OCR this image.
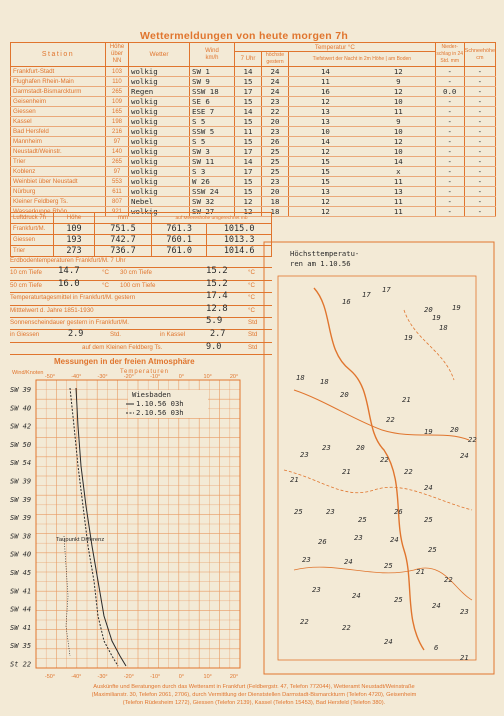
Wettermeldungen von heute morgen 7h
Station	Höhe
über NN	Wetter	Wind
km/h	Temperatur °C			Nieder-schlag in 24 Std. mm	Schneehöhe cm
				7 Uhr	höchste gestern	Tiefstwert der Nacht in 2m Höhe | am Boden		
Frankfurt-Stadt	103	wolkig	SW 1	14	24	14 12	-	-
Flughafen Rhein-Main	110	wolkig	SW 9	15	24	11 9	-	-
Darmstadt-Bismarckturm	265	Regen	SSW 18	17	24	16 12	0.0	-
Geisenheim	109	wolkig	SE 6	15	23	12 10	-	-
Giessen	165	wolkig	ESE 7	14	22	13 11	-	-
Kassel	198	wolkig	S 5	15	20	13 9	-	-
Bad Hersfeld	216	wolkig	SSW 5	11	23	10 10	-	-
Mannheim	97	wolkig	S 5	15	26	14 12	-	-
Neustadt/Weinstr.	140	wolkig	SW 3	17	25	12 10	-	-
Trier	265	wolkig	SW 11	14	25	15 14	-	-
Koblenz	97	wolkig	S 3	17	25	15 x	-	-
Weinbiet über Neustadt	553	wolkig	W 26	15	23	15 11	-	-
Nürburg	611	wolkig	SSW 24	15	20	13 13	-	-
Kleiner Feldberg Ts.	807	Nebel	SW 32	12	18	12 11	-	-
Wasserkuppe Rhön	921	wolkig	SW 27	12	18	12 11	-	-
Luftdruck 7h	Höhe	mm	auf Meereshöhe umgerechnet mb	
Frankfurt/M.	109	751.5	761.3	1015.0
Giessen	193	742.7	760.1	1013.3
Trier	273	736.7	761.0	1014.6
Erdbodentemperaturen Frankfurt/M. 7 Uhr
10 cm Tiefe 14.7	°C 30 cm Tiefe	15.2	°C
50 cm Tiefe 16.0	°C 100 cm Tiefe	15.2	°C
Temperaturtagesmittel in Frankfurt/M. gestern	17.4	°C
Mitttelwert d. Jahre 1851-1930	12.8	°C
Sonnenscheindauer gestern in Frankfurt/M.	5.9	Std
in Giessen	2.9	Std.	in Kassel	2.7	Std
auf dem Kleinen Feldberg Ts.	9.0	Std
Messungen in der freien Atmosphäre
Wind/Knoten	Temperaturen
-50°
-50°
-40°
-40°
-30°
-30°
-20°
-20°
-10°
-10°
0°
0°
10°
10°
20°
20°
SW 39
SW 40
SW 42
SW 50
SW 54
SW 39
SW 39
SW 39
SW 38
SW 40
SW 45
SW 41
SW 44
SW 41
SW 35
St 22
Wiesbaden
1.10.56 03h
2.10.56 03h
Taupunkt Differenz
Höchsttemperatu-
ren am 1.10.56
17
17
16
20	19
19
19
18
18 18
20
21
19 20
22
22
23
23	20
22
21
21	22
24
24
25	23
25
26
25
26	23	24
25
23	24	25
21
22
23
24	25
24
23
22
22
24
6
21
Auskünfte und Beratungen durch das Wetteramt in Frankfurt (Feldbergstr. 47, Telefon 772044), Wetteramt Neustadt/Weinstraße
(Maximilianstr. 30, Telefon 2061, 2706), durch Vermittlung der Dienststellen Darmstadt-Bismarckturm (Telefon 4720), Geisenheim
(Telefon Rüdesheim 1272), Giessen (Telefon 2139), Kassel (Telefon 15453), Bad Hersfeld (Telefon 380).
